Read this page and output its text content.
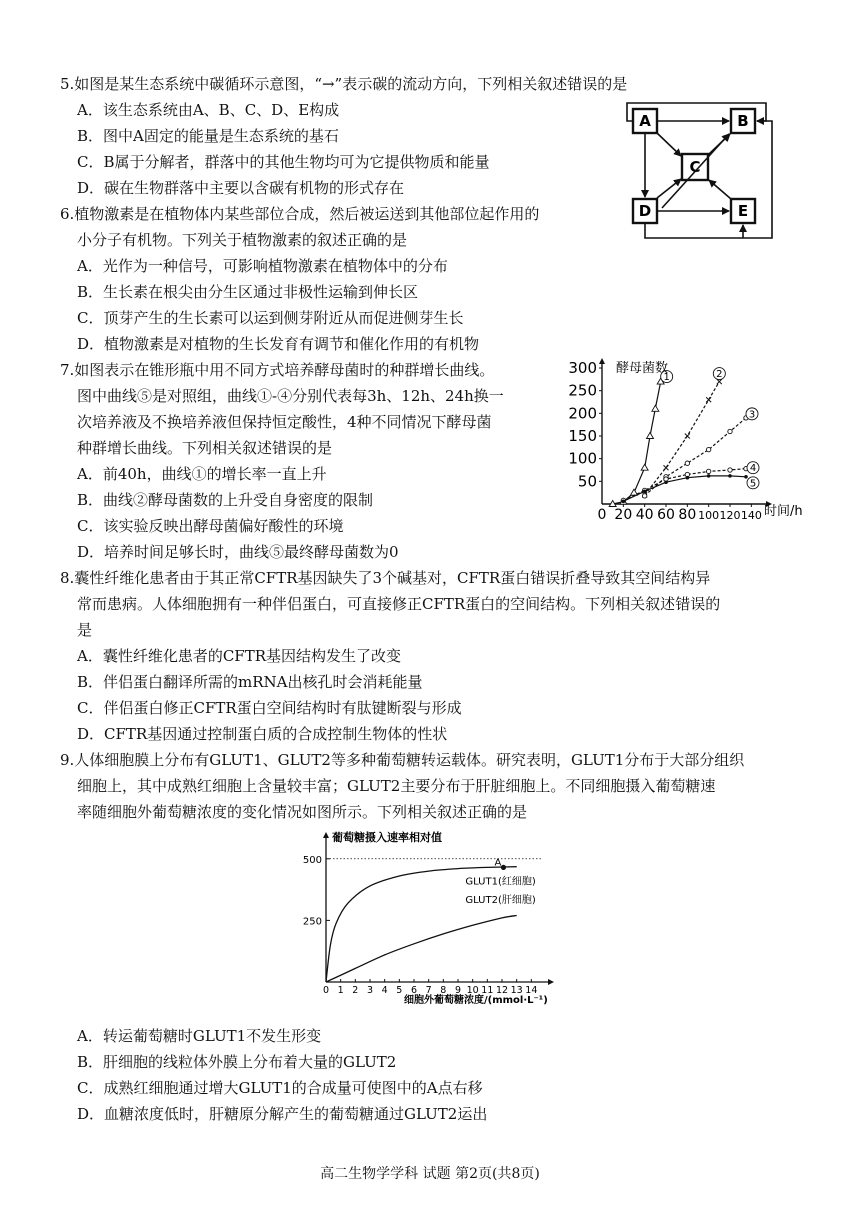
5.如图是某生态系统中碳循环示意图，“→”表示碳的流动方向，下列相关叙述错误的是
A．该生态系统由A、B、C、D、E构成
B．图中A固定的能量是生态系统的基石
C．B属于分解者，群落中的其他生物均可为它提供物质和能量
D．碳在生物群落中主要以含碳有机物的形式存在
A	B
C
D	E
6.植物激素是在植物体内某些部位合成，然后被运送到其他部位起作用的
小分子有机物。下列关于植物激素的叙述正确的是
A．光作为一种信号，可影响植物激素在植物体中的分布
B．生长素在根尖由分生区通过非极性运输到伸长区
C．顶芽产生的生长素可以运到侧芽附近从而促进侧芽生长
D．植物激素是对植物的生长发育有调节和催化作用的有机物
7.如图表示在锥形瓶中用不同方式培养酵母菌时的种群增长曲线。
图中曲线⑤是对照组，曲线①-④分别代表每3h、12h、24h换一
次培养液及不换培养液但保持恒定酸性，4种不同情况下酵母菌
种群增长曲线。下列相关叙述错误的是
A．前40h，曲线①的增长率一直上升
B．曲线②酵母菌数的上升受自身密度的限制
C．该实验反映出酵母菌偏好酸性的环境
D．培养时间足够长时，曲线⑤最终酵母菌数为0
50
100
150
200
250
300
0 20 40 60 80 100 120 140
1	2
3
4
5
酵母菌数
时间/h
8.囊性纤维化患者由于其正常CFTR基因缺失了3个碱基对，CFTR蛋白错误折叠导致其空间结构异
常而患病。人体细胞拥有一种伴侣蛋白，可直接修正CFTR蛋白的空间结构。下列相关叙述错误的
是
A．囊性纤维化患者的CFTR基因结构发生了改变
B．伴侣蛋白翻译所需的mRNA出核孔时会消耗能量
C．伴侣蛋白修正CFTR蛋白空间结构时有肽键断裂与形成
D．CFTR基因通过控制蛋白质的合成控制生物体的性状
9.人体细胞膜上分布有GLUT1、GLUT2等多种葡萄糖转运载体。研究表明，GLUT1分布于大部分组织
细胞上，其中成熟红细胞上含量较丰富；GLUT2主要分布于肝脏细胞上。不同细胞摄入葡萄糖速
率随细胞外葡萄糖浓度的变化情况如图所示。下列相关叙述正确的是
250
500
0 1 2 3 4 5 6 7 8 9 10 11 12 13 14
GLUT1(红细胞)
GLUT2(肝细胞)
A
葡萄糖摄入速率相对值
细胞外葡萄糖浓度/(mmol·L⁻¹)
A．转运葡萄糖时GLUT1不发生形变
B．肝细胞的线粒体外膜上分布着大量的GLUT2
C．成熟红细胞通过增大GLUT1的合成量可使图中的A点右移
D．血糖浓度低时，肝糖原分解产生的葡萄糖通过GLUT2运出
高二生物学学科 试题 第2页(共8页)
